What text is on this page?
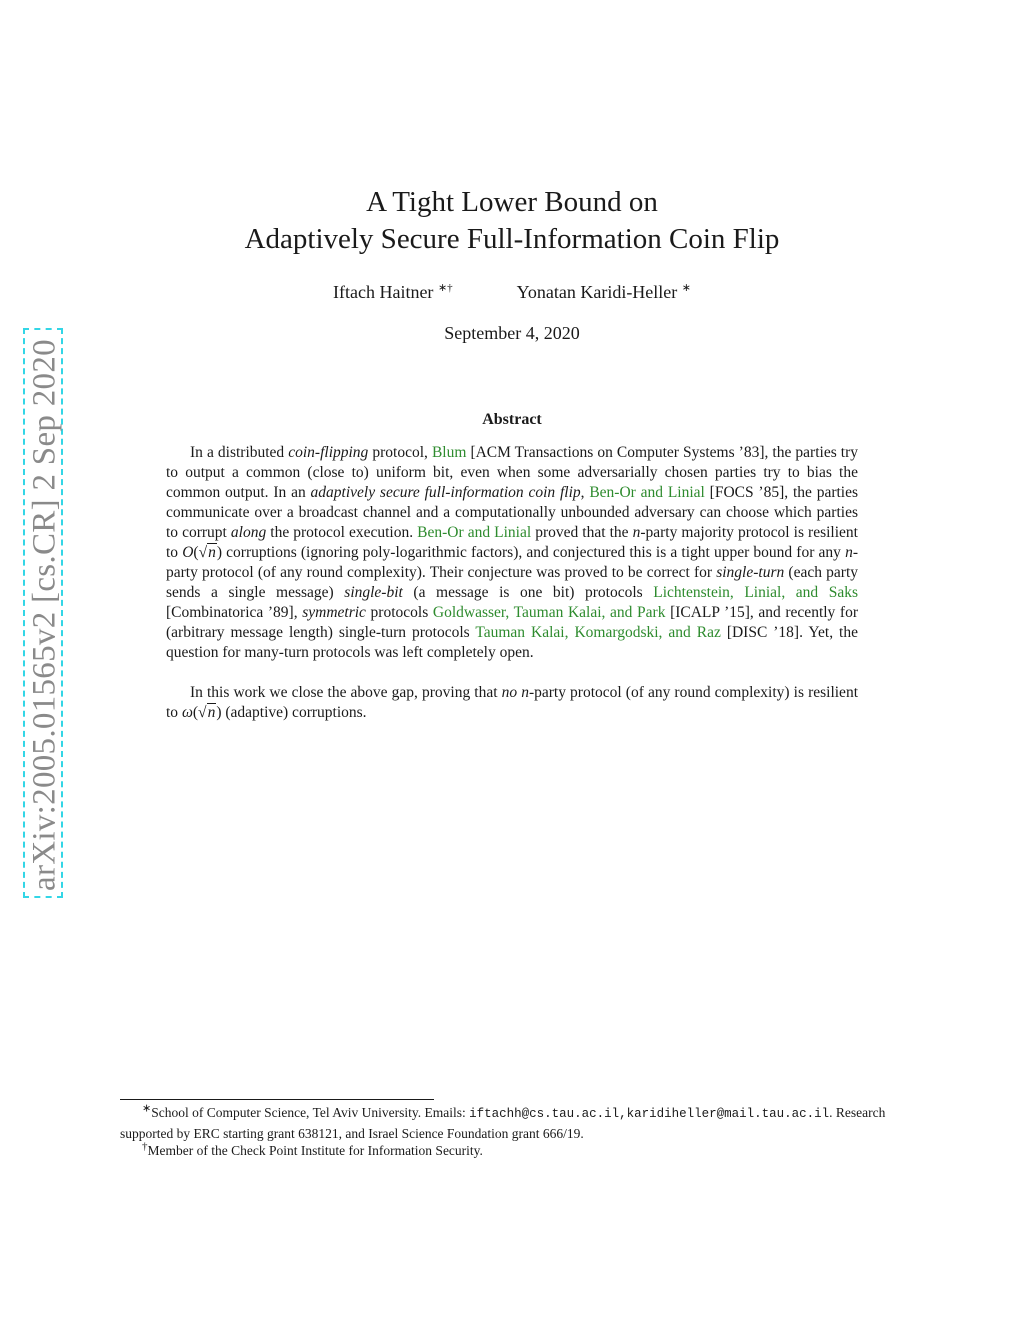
arXiv:2005.01565v2 [cs.CR] 2 Sep 2020
A Tight Lower Bound on
Adaptively Secure Full-Information Coin Flip
Iftach Haitner ∗†	Yonatan Karidi-Heller ∗
September 4, 2020
Abstract
In a distributed coin-flipping protocol, Blum [ACM Transactions on Computer Systems ’83], the parties try to output a common (close to) uniform bit, even when some adversarially chosen parties try to bias the common output. In an adaptively secure full-information coin flip, Ben-Or and Linial [FOCS ’85], the parties communicate over a broadcast channel and a computationally unbounded adversary can choose which parties to corrupt along the protocol execution. Ben-Or and Linial proved that the n-party majority protocol is resilient to O(√n) corruptions (ignoring poly-logarithmic factors), and conjectured this is a tight upper bound for any n-party protocol (of any round complexity). Their conjecture was proved to be correct for single-turn (each party sends a single message) single-bit (a message is one bit) protocols Lichtenstein, Linial, and Saks [Combinatorica ’89], symmetric protocols Goldwasser, Tauman Kalai, and Park [ICALP ’15], and recently for (arbitrary message length) single-turn protocols Tauman Kalai, Komargodski, and Raz [DISC ’18]. Yet, the question for many-turn protocols was left completely open.
In this work we close the above gap, proving that no n-party protocol (of any round complexity) is resilient to ω(√n) (adaptive) corruptions.
∗School of Computer Science, Tel Aviv University. Emails: iftachh@cs.tau.ac.il,karidiheller@mail.tau.ac.il. Research supported by ERC starting grant 638121, and Israel Science Foundation grant 666/19.
†Member of the Check Point Institute for Information Security.
